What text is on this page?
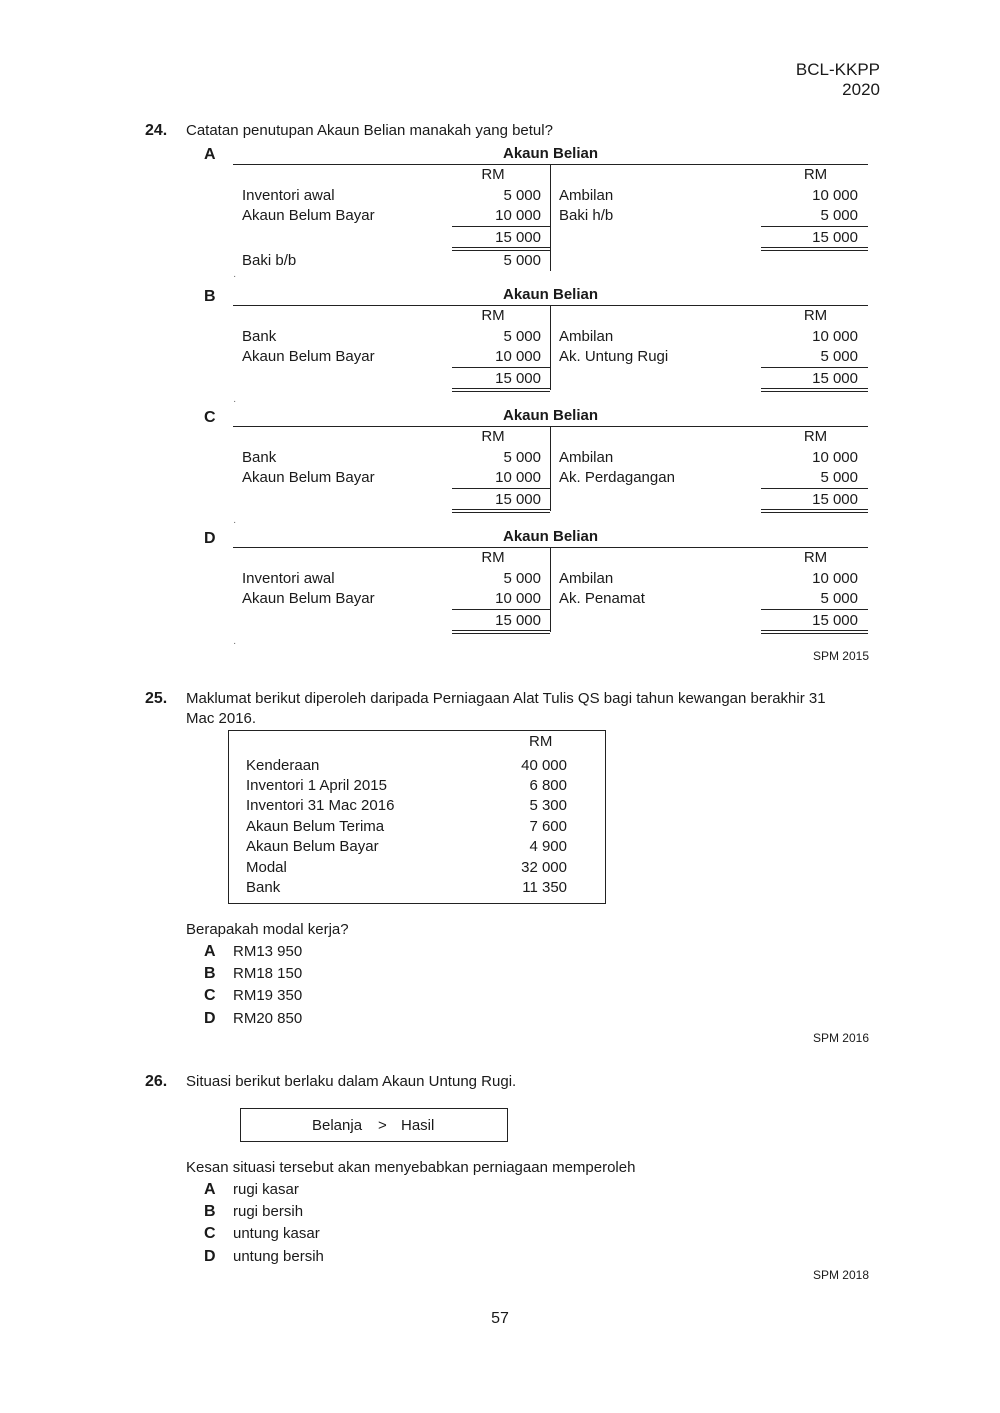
BCL-KKPP 2020
24. Catatan penutupan Akaun Belian manakah yang betul?
A	Akaun Belian
RM	RM
Inventori awal	5 000 Ambilan	10 000
Akaun Belum Bayar	10 000 Baki h/b	5 000
15 000	15 000
Baki b/b	5 000
·
B	Akaun Belian
RM	RM
Bank	5 000 Ambilan	10 000
Akaun Belum Bayar	10 000 Ak. Untung Rugi	5 000
15 000	15 000
·
C	Akaun Belian
RM	RM
Bank	5 000 Ambilan	10 000
Akaun Belum Bayar	10 000 Ak. Perdagangan	5 000
15 000	15 000
·
D	Akaun Belian
RM	RM
Inventori awal	5 000 Ambilan	10 000
Akaun Belum Bayar	10 000 Ak. Penamat	5 000
15 000	15 000
·
SPM 2015
25. Maklumat berikut diperoleh daripada Perniagaan Alat Tulis QS bagi tahun kewangan berakhir 31
Mac 2016.
RM
Kenderaan	40 000
Inventori 1 April 2015	6 800
Inventori 31 Mac 2016	5 300
Akaun Belum Terima	7 600
Akaun Belum Bayar	4 900
Modal	32 000
Bank	11 350
Berapakah modal kerja?
A RM13 950
B RM18 150
C RM19 350
D RM20 850
SPM 2016
26. Situasi berikut berlaku dalam Akaun Untung Rugi.
Belanja > Hasil
Kesan situasi tersebut akan menyebabkan perniagaan memperoleh
A rugi kasar
B rugi bersih
C untung kasar
D untung bersih
SPM 2018
57
